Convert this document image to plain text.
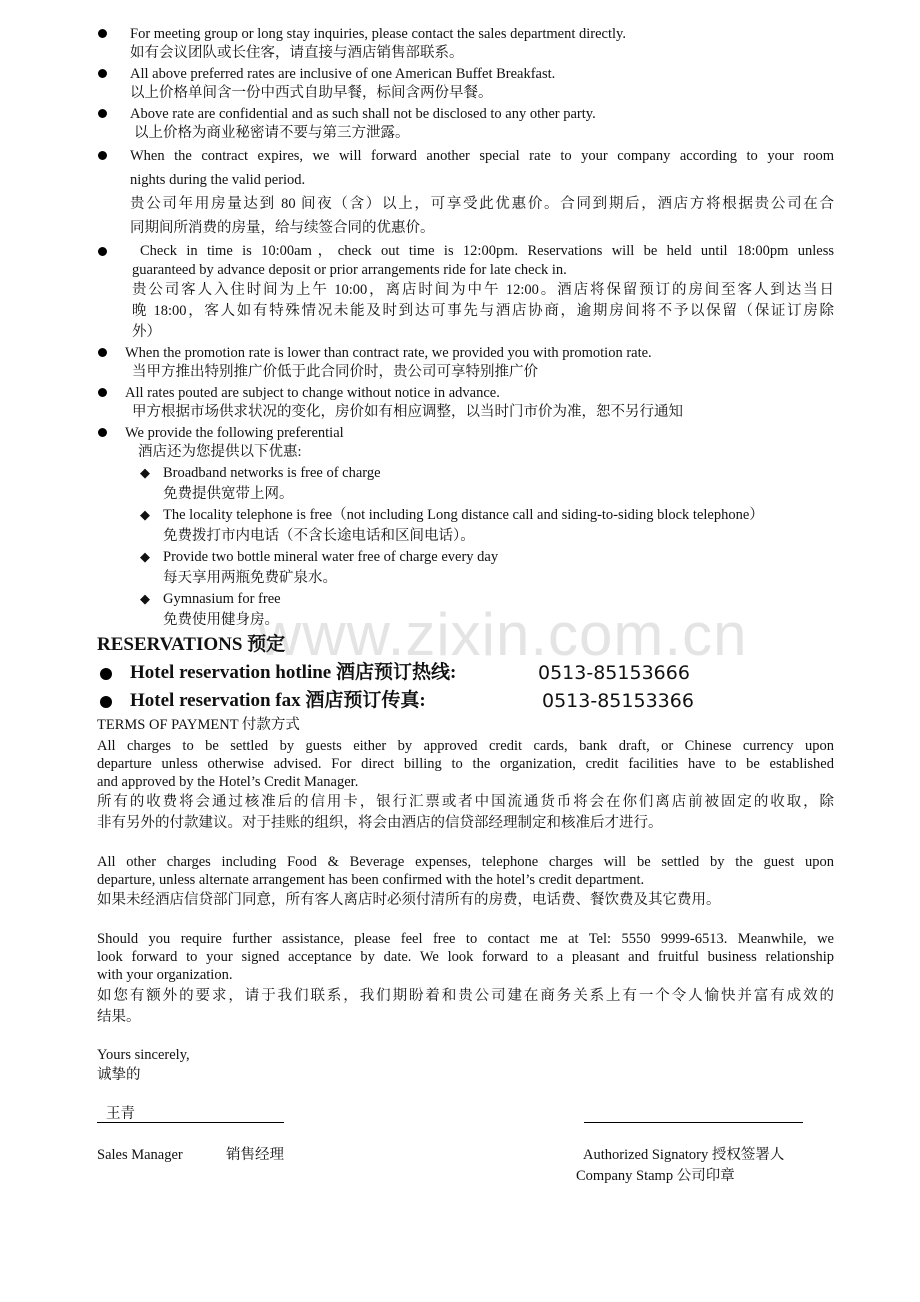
www.zixin.com.cn
For meeting group or long stay inquiries, please contact the sales department directly.
如有会议团队或长住客，请直接与酒店销售部联系。
All above preferred rates are inclusive of one American Buffet Breakfast.
以上价格单间含一份中西式自助早餐，标间含两份早餐。
Above rate are confidential and as such shall not be disclosed to any other party.
以上价格为商业秘密请不要与第三方泄露。
When the contract expires, we will forward another special rate to your company according to your room
nights during the valid period.
贵公司年用房量达到 80 间夜（含）以上，可享受此优惠价。合同到期后，酒店方将根据贵公司在合
同期间所消费的房量，给与续签合同的优惠价。
Check in time is 10:00am，check out time is 12:00pm. Reservations will be held until 18:00pm unless
guaranteed by advance deposit or prior arrangements ride for late check in.
贵公司客人入住时间为上午 10:00，离店时间为中午 12:00。酒店将保留预订的房间至客人到达当日
晚 18:00，客人如有特殊情况未能及时到达可事先与酒店协商，逾期房间将不予以保留（保证订房除
外）
When the promotion rate is lower than contract rate, we provided you with promotion rate.
当甲方推出特别推广价低于此合同价时，贵公司可享特别推广价
All rates pouted are subject to change without notice in advance.
甲方根据市场供求状况的变化，房价如有相应调整，以当时门市价为准，恕不另行通知
We provide the following preferential
酒店还为您提供以下优惠:
◆ Broadband networks is free of charge
免费提供宽带上网。
◆ The locality telephone is free（not including Long distance call and siding-to-siding block telephone）
免费拨打市内电话（不含长途电话和区间电话）。
◆ Provide two bottle mineral water free of charge every day
每天享用两瓶免费矿泉水。
◆ Gymnasium for free
免费使用健身房。
RESERVATIONS 预定
Hotel reservation hotline 酒店预订热线:	0513-85153666
Hotel reservation fax 酒店预订传真:	0513-85153366
TERMS OF PAYMENT 付款方式
All charges to be settled by guests either by approved credit cards, bank draft, or Chinese currency upon
departure unless otherwise advised. For direct billing to the organization, credit facilities have to be established
and approved by the Hotel’s Credit Manager.
所有的收费将会通过核准后的信用卡，银行汇票或者中国流通货币将会在你们离店前被固定的收取，除
非有另外的付款建议。对于挂账的组织，将会由酒店的信贷部经理制定和核准后才进行。
All other charges including Food & Beverage expenses, telephone charges will be settled by the guest upon
departure, unless alternate arrangement has been confirmed with the hotel’s credit department.
如果未经酒店信贷部门同意，所有客人离店时必须付清所有的房费，电话费、餐饮费及其它费用。
Should you require further assistance, please feel free to contact me at Tel: 5550 9999-6513. Meanwhile, we
look forward to your signed acceptance by date. We look forward to a pleasant and fruitful business relationship
with your organization.
如您有额外的要求，请于我们联系，我们期盼着和贵公司建在商务关系上有一个令人愉快并富有成效的
结果。
Yours sincerely,
诚挚的
王青
Sales Manager	销售经理	Authorized Signatory 授权签署人
Company Stamp 公司印章
